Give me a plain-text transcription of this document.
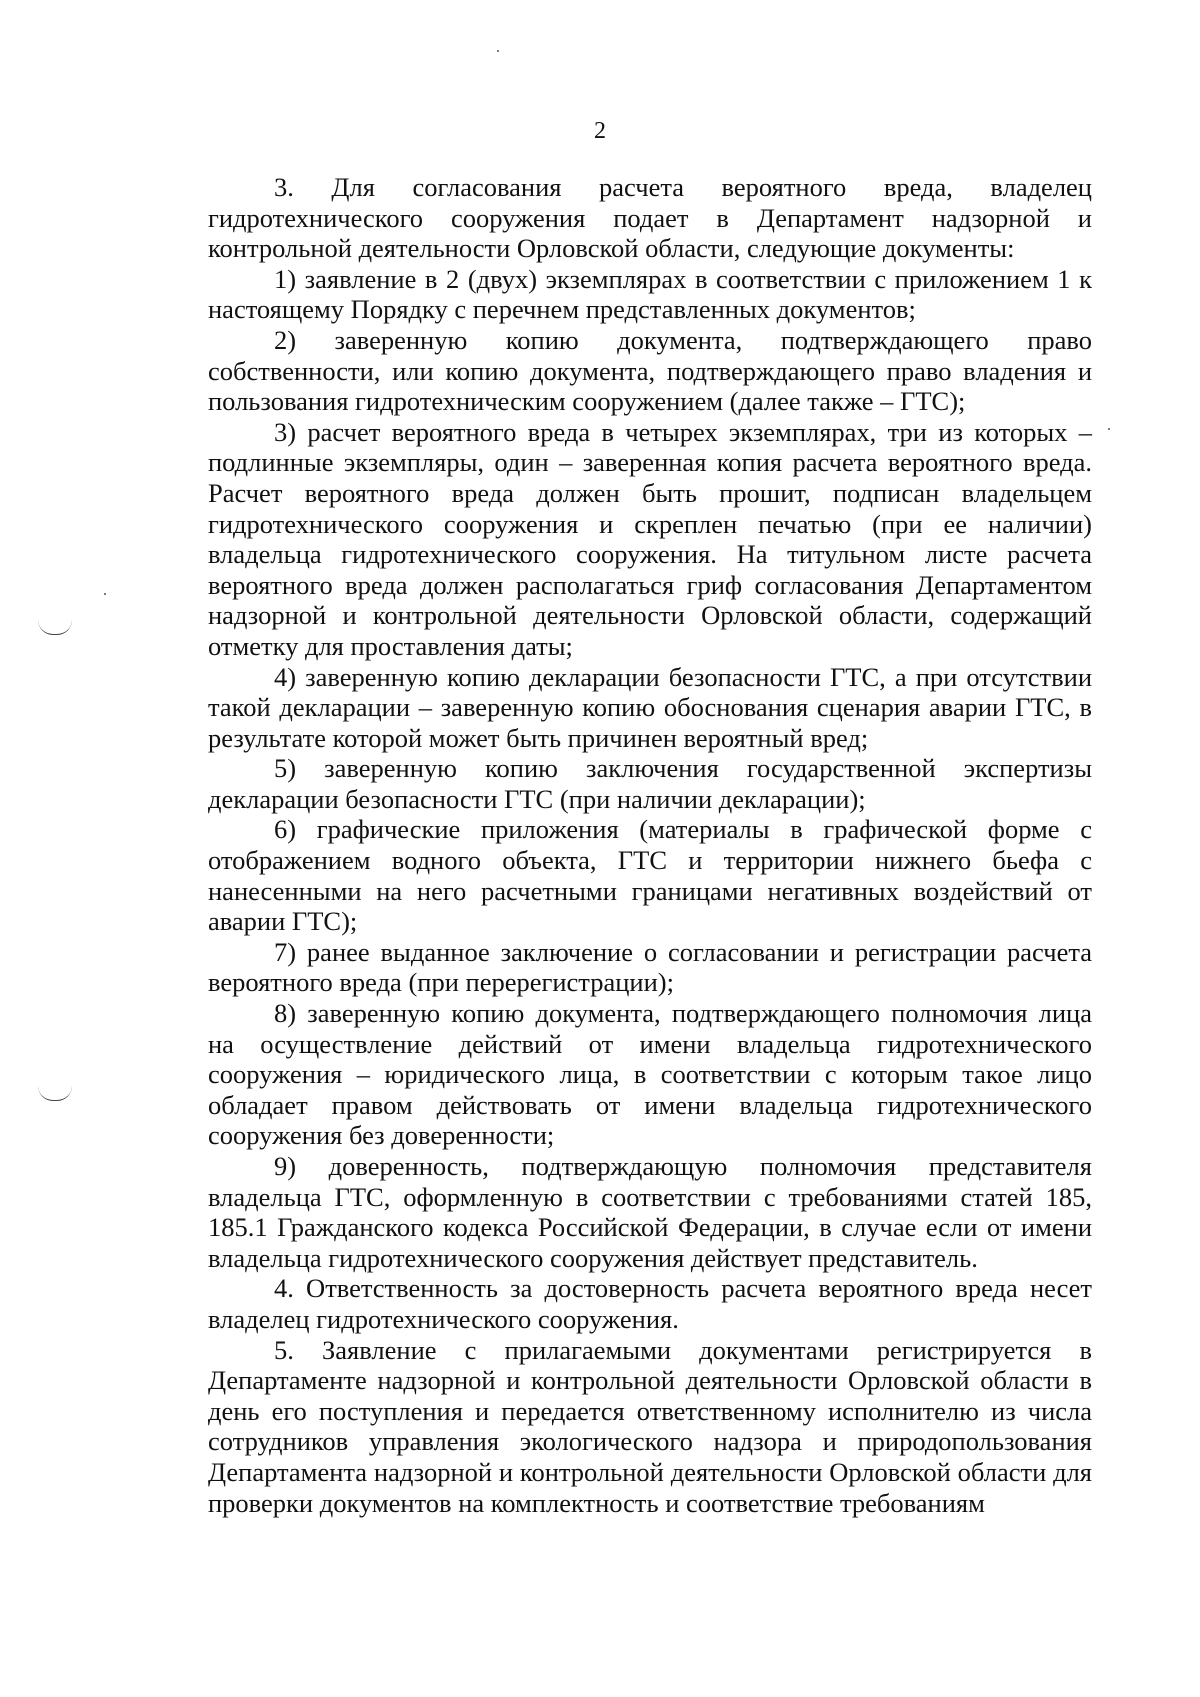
2

3. Для согласования расчета вероятного вреда, владелец гидротехнического сооружения подает в Департамент надзорной и контрольной деятельности Орловской области, следующие документы:

1) заявление в 2 (двух) экземплярах в соответствии с приложением 1 к настоящему Порядку с перечнем представленных документов;

2) заверенную копию документа, подтверждающего право собственности, или копию документа, подтверждающего право владения и пользования гидротехническим сооружением (далее также – ГТС);

3) расчет вероятного вреда в четырех экземплярах, три из которых – подлинные экземпляры, один – заверенная копия расчета вероятного вреда. Расчет вероятного вреда должен быть прошит, подписан владельцем гидротехнического сооружения и скреплен печатью (при ее наличии) владельца гидротехнического сооружения. На титульном листе расчета вероятного вреда должен располагаться гриф согласования Департаментом надзорной и контрольной деятельности Орловской области, содержащий отметку для проставления даты;

4) заверенную копию декларации безопасности ГТС, а при отсутствии такой декларации – заверенную копию обоснования сценария аварии ГТС, в результате которой может быть причинен вероятный вред;

5) заверенную копию заключения государственной экспертизы декларации безопасности ГТС (при наличии декларации);

6) графические приложения (материалы в графической форме с отображением водного объекта, ГТС и территории нижнего бьефа с нанесенными на него расчетными границами негативных воздействий от аварии ГТС);

7) ранее выданное заключение о согласовании и регистрации расчета вероятного вреда (при перерегистрации);

8) заверенную копию документа, подтверждающего полномочия лица на осуществление действий от имени владельца гидротехнического сооружения – юридического лица, в соответствии с которым такое лицо обладает правом действовать от имени владельца гидротехнического сооружения без доверенности;

9) доверенность, подтверждающую полномочия представителя владельца ГТС, оформленную в соответствии с требованиями статей 185, 185.1 Гражданского кодекса Российской Федерации, в случае если от имени владельца гидротехнического сооружения действует представитель.

4. Ответственность за достоверность расчета вероятного вреда несет владелец гидротехнического сооружения.

5. Заявление с прилагаемыми документами регистрируется в Департаменте надзорной и контрольной деятельности Орловской области в день его поступления и передается ответственному исполнителю из числа сотрудников управления экологического надзора и природопользования Департамента надзорной и контрольной деятельности Орловской области для проверки документов на комплектность и соответствие требованиям
